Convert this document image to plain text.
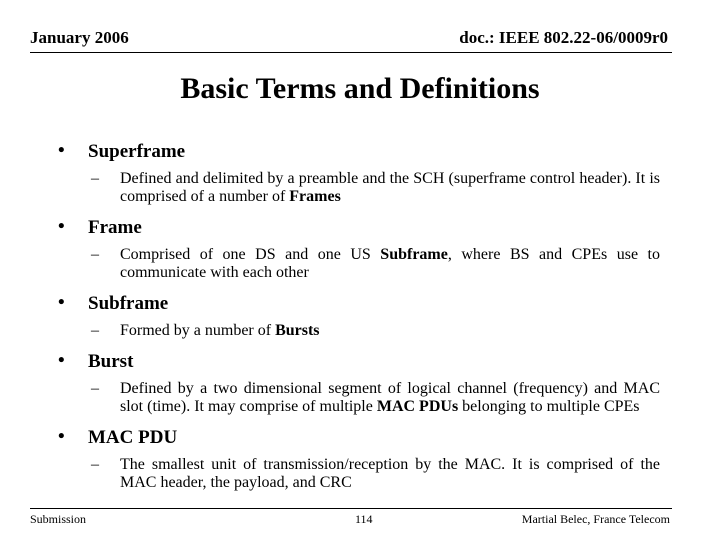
January 2006	doc.: IEEE 802.22-06/0009r0
Basic Terms and Definitions
• Superframe
– Defined and delimited by a preamble and the SCH (superframe control header). It is comprised of a number of Frames
• Frame
– Comprised of one DS and one US Subframe, where BS and CPEs use to communicate with each other
• Subframe
– Formed by a number of Bursts
• Burst
– Defined by a two dimensional segment of logical channel (frequency) and MAC slot (time). It may comprise of multiple MAC PDUs belonging to multiple CPEs
• MAC PDU
– The smallest unit of transmission/reception by the MAC. It is comprised of the MAC header, the payload, and CRC
Submission	114	Martial Belec, France Telecom
